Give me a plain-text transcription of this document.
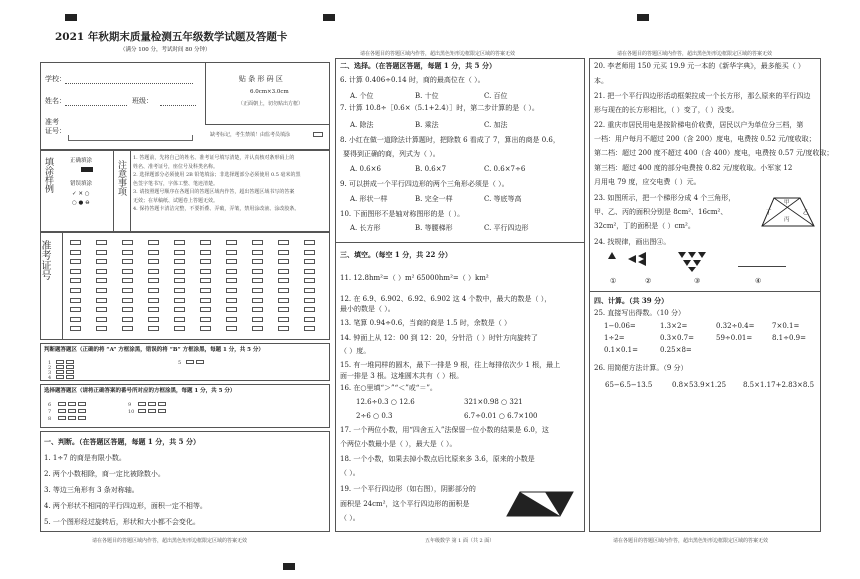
2021 年秋期末质量检测五年级数学试题及答题卡
（满分 100 分，考试时间 80 分钟）
学校：
姓名：	班级：
准考
证号：
贴 条 形 码 区
6.0cm×3.0cm
（正面朝上，切勿贴出方框）
缺考标记，考生禁填！由监考员填涂
填涂样例	正确填涂
错误填涂
✓ ✕ ○
○ ● ⊖
注意事项
1. 答题前，先将自己的姓名、准考证号填写清楚，并认真核对条形码上的
姓名、准考证号，座位号及科类名称。
2. 选择题部分必须使用 2B 铅笔填涂；非选择题部分必须使用 0.5 毫米的黑
色签字笔书写，字体工整、笔迹清楚。
3. 请按照题号顺序在各题目的答题区域内作答，超出答题区域书写的答案
无效；在草稿纸、试题卷上答题无效。
4. 保持答题卡清洁完整，不要折叠、弄破，弄皱，禁用涂改液、涂改胶条。
准考证号
判断题答题区（正确的将 “A” 方框涂黑，错误的将 “B” 方框涂黑，每题 1 分，共 5 分）
1
2
3
4
5
选择题答题区（请将正确答案的番号所对应的方框涂黑，每题 1 分，共 5 分）
6
7
8
9
10
一、判断。（在答题区答题，每题 1 分，共 5 分）
1. 1÷7 的商是有限小数。
2. 两个小数相除，商一定比被除数小。
3. 等边三角形有 3 条对称轴。
4. 两个形状不相同的平行四边形，面积一定不相等。
5. 一个图形经过旋转后，形状和大小都不会变化。
请在各题目的答题区域内作答，超出黑色矩形边框限定区域的答案无效
请在各题目的答题区域内作答，超出黑色矩形边框限定区域的答案无效
二、选择。（在答题区答题，每题 1 分，共 5 分）
6. 计算 0.406÷0.14 时，商的最高位在（ ）。
A. 个位	B. 十位	C. 百位
7. 计算 10.8÷［0.6×（5.1+2.4）］时，第二步计算的是（ ）。
A. 除法	B. 乘法	C. 加法
8. 小红在做一道除法计算题时，把除数 6 看成了 7，算出的商是 0.6，
要得到正确的商，列式为（ ）。
A. 0.6×6	B. 0.6×7	C. 0.6×7÷6
9. 可以拼成一个平行四边形的两个三角形必须是（ ）。
A. 形状一样	B. 完全一样	C. 等底等高
10. 下面图形不是轴对称图形的是（ ）。
A. 长方形	B. 等腰梯形	C. 平行四边形
三、填空。（每空 1 分，共 22 分）
11. 12.8hm²=（ ）m² 65000hm²=（ ）km²
12. 在 6.9、6.902、6.92、6.902 这 4 个数中，最大的数是（ ），
最小的数是（ ）。
13. 笔算 0.94÷0.6，当商的商是 1.5 时，余数是（ ）
14. 钟面上从 12：00 到 12：20，分针沿（ ）时针方向旋转了
（ ）度。
15. 有一堆同样的圆木，最下一排是 9 根，往上每排依次少 1 根，最上
面一排是 3 根。这堆圆木共有（ ）根。
16. 在○里填“＞”“＜”或“＝”。
12.6÷0.3 ○ 12.6	321×0.98 ○ 321
2÷6 ○ 0.3	6.7÷0.01 ○ 6.7×100
17. 一个两位小数，用“四舍五入”法保留一位小数的结果是 6.0，这
个两位小数最小是（ ），最大是（ ）。
18. 一个小数，如果去掉小数点后比原来多 3.6，原来的小数是
（ ）。
19. 一个平行四边形（如右图），阴影部分的
面积是 24cm²，这个平行四边形的面积是
（ ）。
五年级数学 第 1 面（共 2 面）
请在各题目的答题区域内作答，超出黑色矩形边框限定区域的答案无效
20. 李老师用 150 元买 19.9 元一本的《新华字典》，最多能买（ ）
本。
21. 把一个平行四边形活动框架拉成一个长方形，那么原来的平行四边
形与现在的长方形相比，（ ）变了，（ ）没变。
22. 重庆市居民用电是按阶梯电价收费，居民以户为单位分三档，第
一档：用户每月不超过 200（含 200）度电，电费按 0.52 元/度收取；
第二档：超过 200 度不超过 400（含 400）度电，电费按 0.57 元/度收取；
第三档：超过 400 度的部分电费按 0.82 元/度收取。小军家 12
月用电 79 度，应交电费（ ）元。
23. 如图所示，把一个梯形分成 4 个三角形，
甲、乙、丙的面积分别是 8cm²、16cm²、
32cm²，丁的面积是（ ）cm²。
甲
乙
丙
丁
24. 找规律，画出图④。
①	②	③	④
四、计算。（共 39 分）
25. 直接写出得数。（10 分）
1−0.06=	1.3×2=	0.32÷0.4=	7×0.1=
1÷2=	0.3×0.7=	59÷0.01=	8.1÷0.9=
0.1×0.1=	0.25×8=
26. 用简便方法计算。（9 分）
65−6.5−13.5	0.8×53.9×1.25 8.5×1.17+2.83×8.5
请在各题目的答题区域内作答，超出黑色矩形边框限定区域的答案无效
